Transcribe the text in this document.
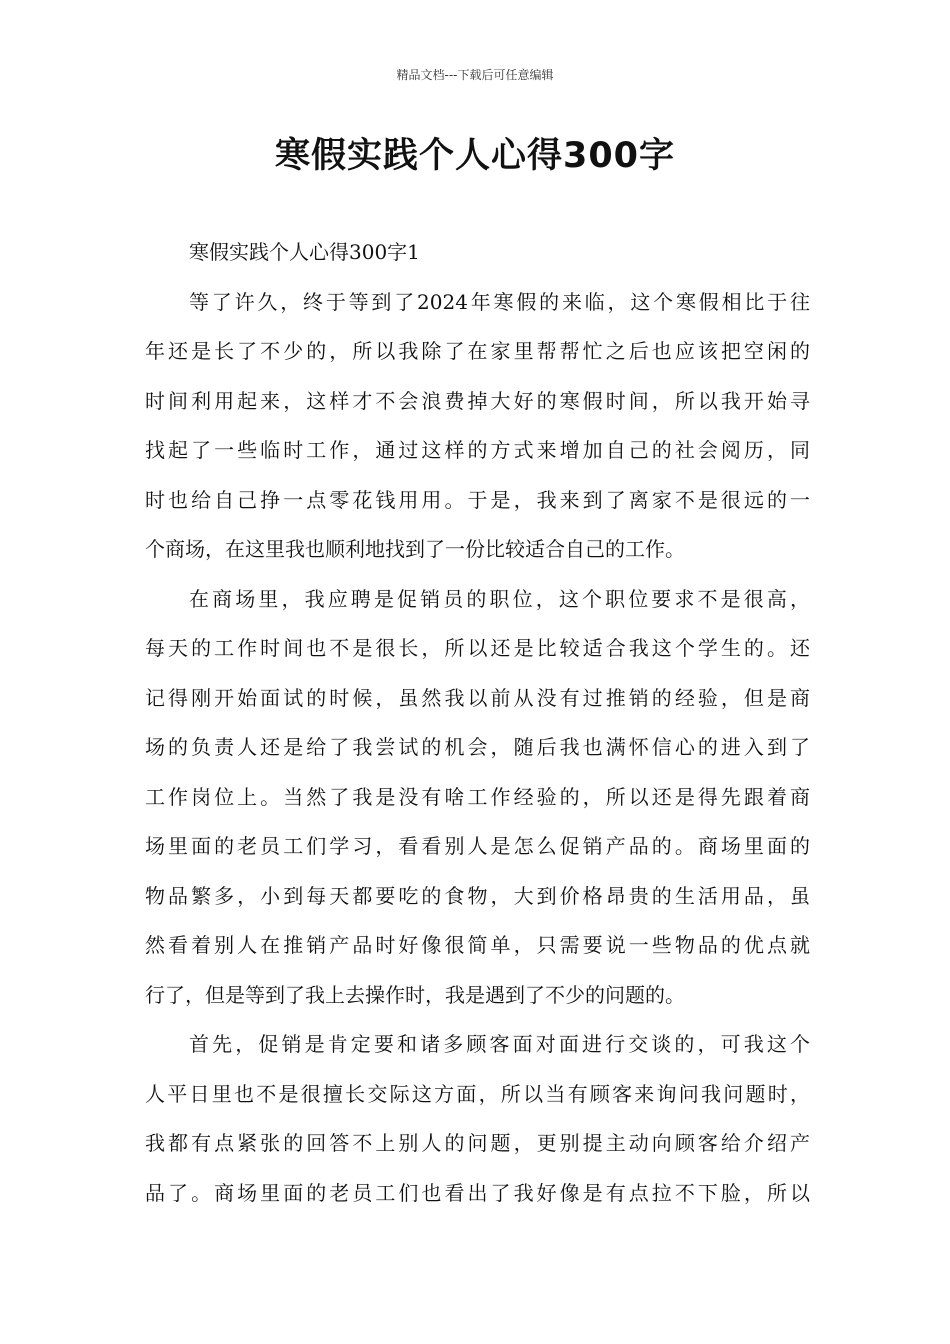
精品文档---下载后可任意编辑
寒假实践个人心得300字

寒假实践个人心得300字1

等了许久，终于等到了2024年寒假的来临，这个寒假相比于往

年还是长了不少的，所以我除了在家里帮帮忙之后也应该把空闲的

时间利用起来，这样才不会浪费掉大好的寒假时间，所以我开始寻

找起了一些临时工作，通过这样的方式来增加自己的社会阅历，同

时也给自己挣一点零花钱用用。于是，我来到了离家不是很远的一

个商场，在这里我也顺利地找到了一份比较适合自己的工作。

在商场里，我应聘是促销员的职位，这个职位要求不是很高，

每天的工作时间也不是很长，所以还是比较适合我这个学生的。还

记得刚开始面试的时候，虽然我以前从没有过推销的经验，但是商

场的负责人还是给了我尝试的机会，随后我也满怀信心的进入到了

工作岗位上。当然了我是没有啥工作经验的，所以还是得先跟着商

场里面的老员工们学习，看看别人是怎么促销产品的。商场里面的

物品繁多，小到每天都要吃的食物，大到价格昂贵的生活用品，虽

然看着别人在推销产品时好像很简单，只需要说一些物品的优点就

行了，但是等到了我上去操作时，我是遇到了不少的问题的。

首先，促销是肯定要和诸多顾客面对面进行交谈的，可我这个

人平日里也不是很擅长交际这方面，所以当有顾客来询问我问题时，

我都有点紧张的回答不上别人的问题，更别提主动向顾客给介绍产

品了。商场里面的老员工们也看出了我好像是有点拉不下脸，所以
